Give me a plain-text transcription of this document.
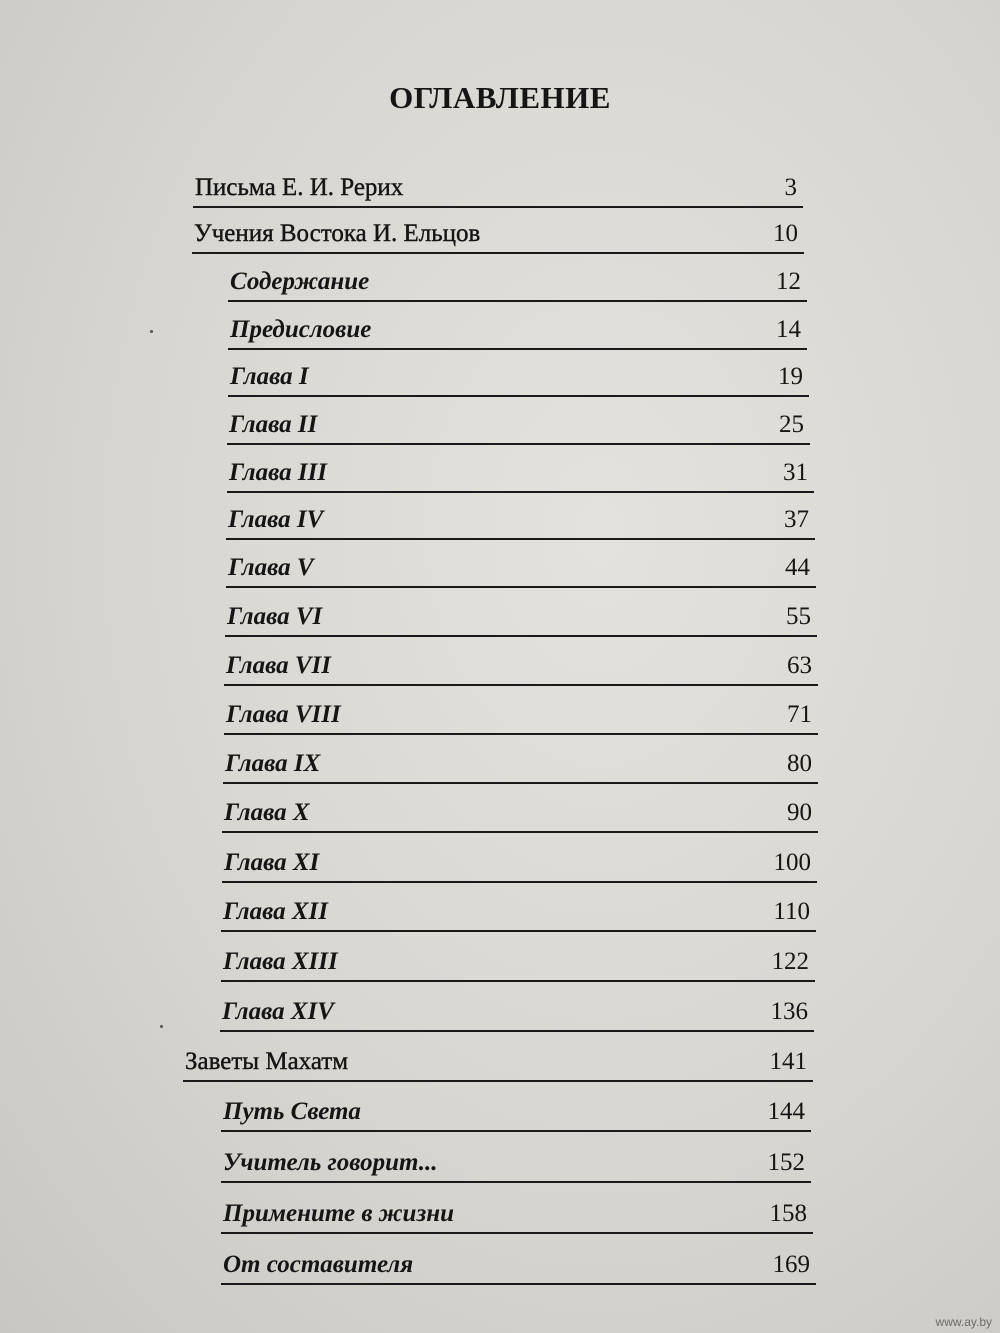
ОГЛАВЛЕНИЕ
Письма Е. И. Рерих	3
Учения Востока И. Ельцов	10
Содержание	12
Предисловие	14
Глава I	19
Глава II	25
Глава III	31
Глава IV	37
Глава V	44
Глава VI	55
Глава VII	63
Глава VIII	71
Глава IX	80
Глава X	90
Глава XI	100
Глава XII	110
Глава XIII	122
Глава XIV	136
Заветы Махатм	141
Путь Света	144
Учитель говорит...	152
Примените в жизни	158
От составителя	169
www.ay.by
